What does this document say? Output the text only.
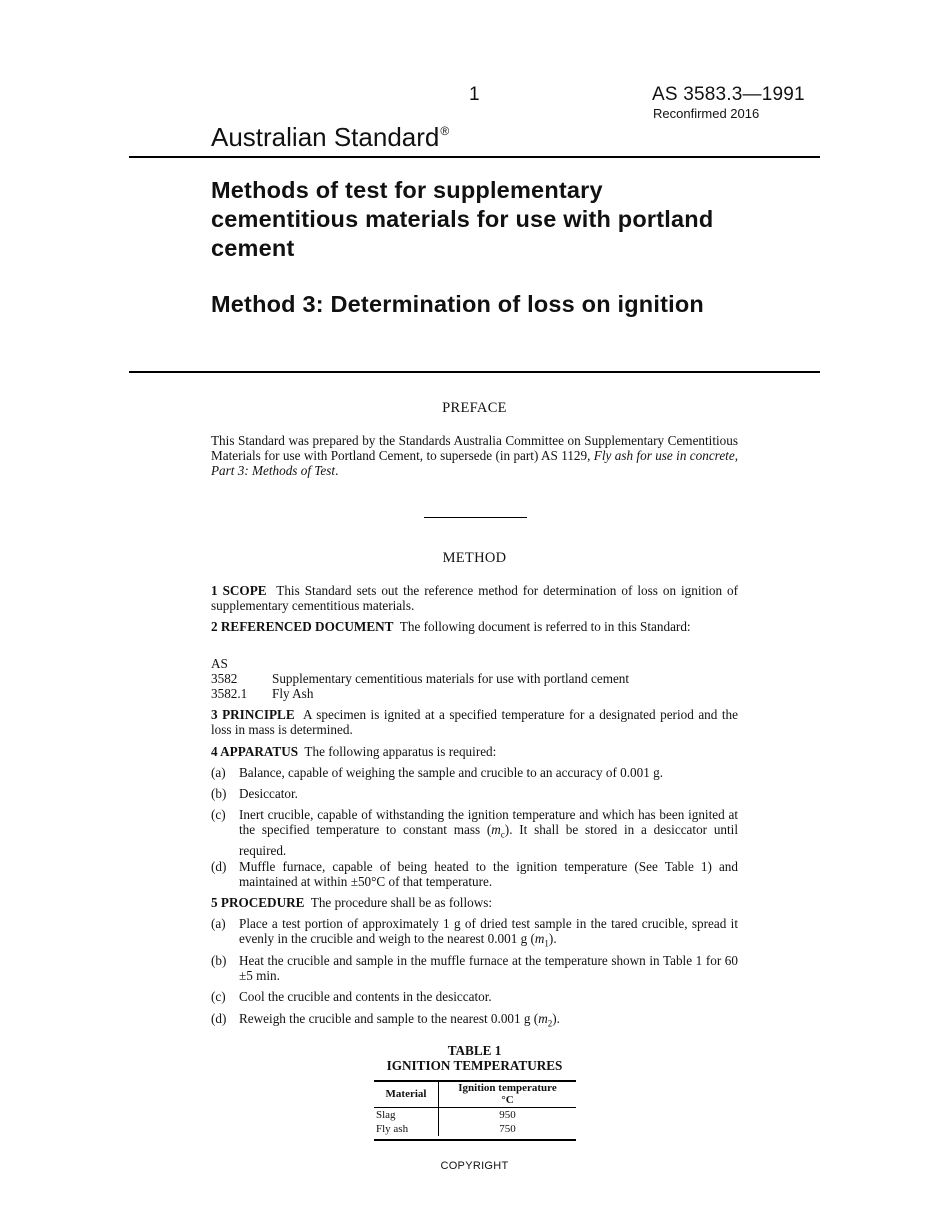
1	AS 3583.3—1991
Reconfirmed 2016
Australian Standard®
Methods of test for supplementary cementitious materials for use with portland cement
Method 3: Determination of loss on ignition
PREFACE
This Standard was prepared by the Standards Australia Committee on Supplementary Cementitious Materials for use with Portland Cement, to supersede (in part) AS 1129, Fly ash for use in concrete, Part 3: Methods of Test.
METHOD
1 SCOPE This Standard sets out the reference method for determination of loss on ignition of supplementary cementitious materials.
2 REFERENCED DOCUMENT The following document is referred to in this Standard:
AS
3582	Supplementary cementitious materials for use with portland cement
3582.1 Fly Ash
3 PRINCIPLE A specimen is ignited at a specified temperature for a designated period and the loss in mass is determined.
4 APPARATUS The following apparatus is required:
(a)	Balance, capable of weighing the sample and crucible to an accuracy of 0.001 g.
(b) Desiccator.
(c)	Inert crucible, capable of withstanding the ignition temperature and which has been ignited at the specified temperature to constant mass $(m_c)$. It shall be stored in a desiccator until required.
(d) Muffle furnace, capable of being heated to the ignition temperature (See Table 1) and maintained at within ±50°C of that temperature.
5 PROCEDURE The procedure shall be as follows:
(a)	Place a test portion of approximately 1 g of dried test sample in the tared crucible, spread it evenly in the crucible and weigh to the nearest 0.001 g $(m_1)$.
(b) Heat the crucible and sample in the muffle furnace at the temperature shown in Table 1 for 60 ±5 min.
(c)	Cool the crucible and contents in the desiccator.
(d) Reweigh the crucible and sample to the nearest 0.001 g $(m_2)$.
TABLE 1
IGNITION TEMPERATURES
Material	Ignition temperature
°C

Slag	950
Fly ash	750
COPYRIGHT
